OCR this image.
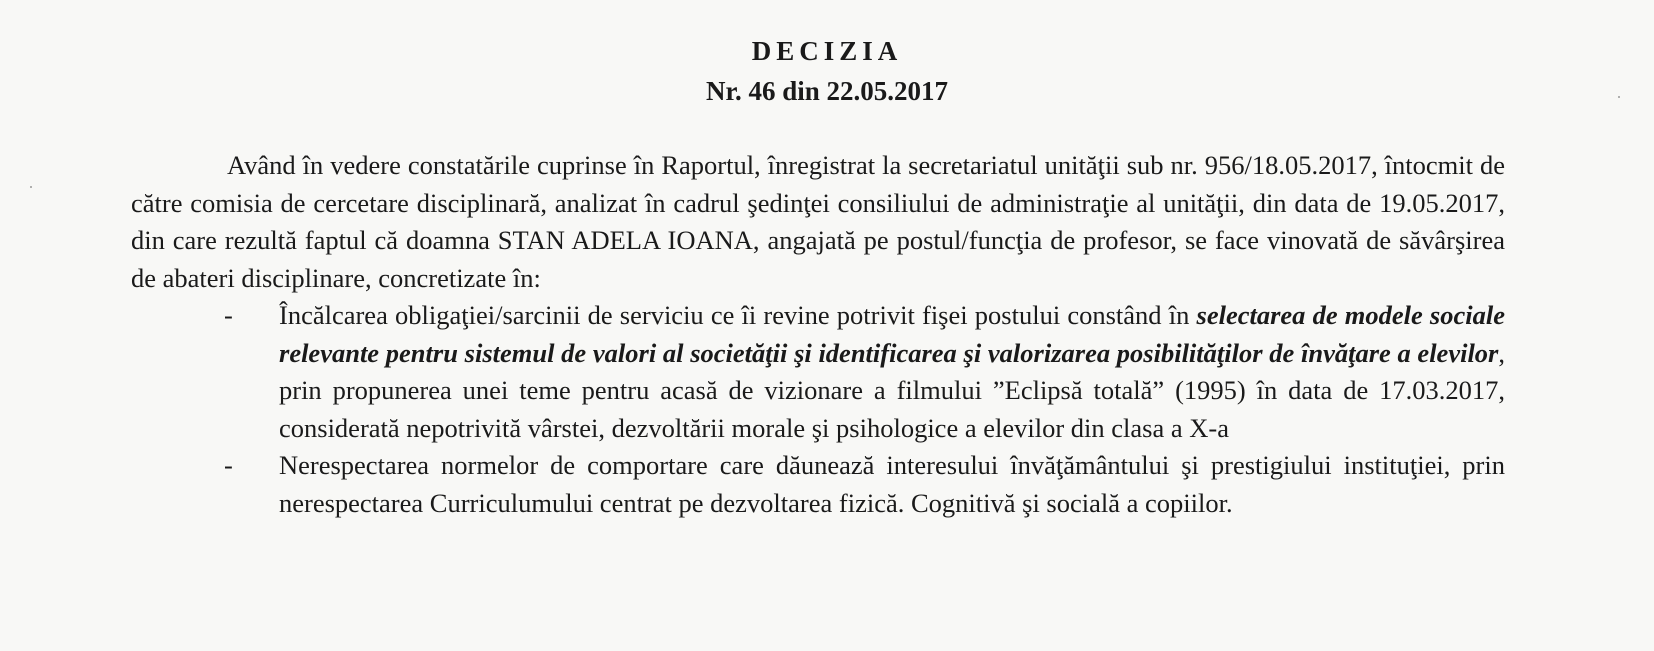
DECIZIA
Nr. 46 din 22.05.2017

Având în vedere constatările cuprinse în Raportul, înregistrat la secretariatul unităţii sub nr. 956/18.05.2017, întocmit de către comisia de cercetare disciplinară, analizat în cadrul şedinţei consiliului de administraţie al unităţii, din data de 19.05.2017, din care rezultă faptul că doamna STAN ADELA IOANA, angajată pe postul/funcţia de profesor, se face vinovată de săvârşirea de abateri disciplinare, concretizate în:

- Încălcarea obligaţiei/sarcinii de serviciu ce îi revine potrivit fişei postului constând în selectarea de modele sociale relevante pentru sistemul de valori al societăţii şi identificarea şi valorizarea posibilităţilor de învăţare a elevilor, prin propunerea unei teme pentru acasă de vizionare a filmului ”Eclipsă totală” (1995) în data de 17.03.2017, considerată nepotrivită vârstei, dezvoltării morale şi psihologice a elevilor din clasa a X-a

- Nerespectarea normelor de comportare care dăunează interesului învăţământului şi prestigiului instituţiei, prin nerespectarea Curriculumului centrat pe dezvoltarea fizică. Cognitivă şi socială a copiilor.
